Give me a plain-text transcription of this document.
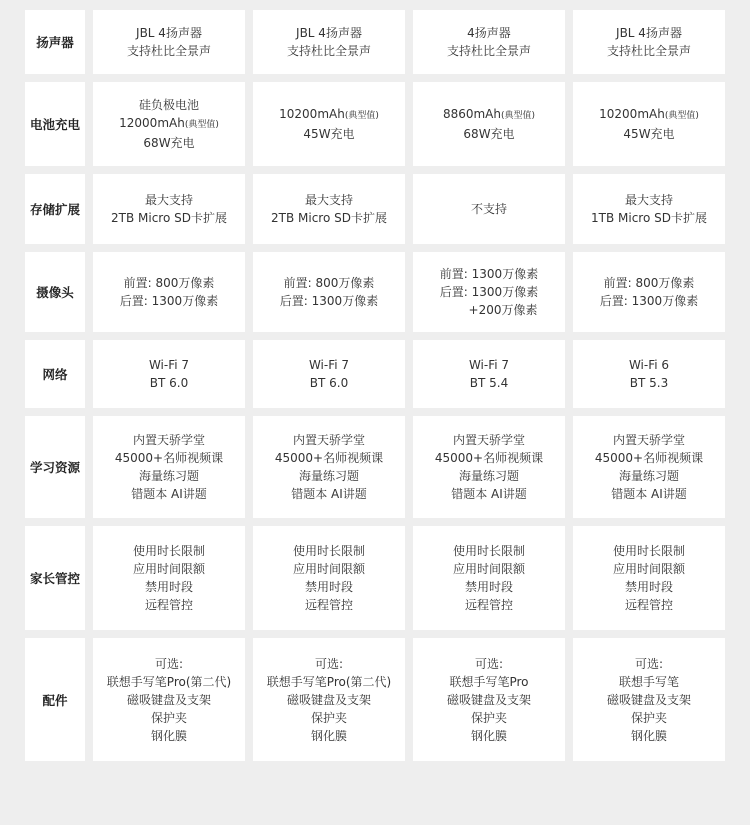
扬声器
JBL 4扬声器
支持杜比全景声
JBL 4扬声器
支持杜比全景声
4扬声器
支持杜比全景声
JBL 4扬声器
支持杜比全景声
电池充电
硅负极电池
12000mAh(典型值)
68W充电
10200mAh(典型值)
45W充电
8860mAh(典型值)
68W充电
10200mAh(典型值)
45W充电
存储扩展
最大支持
2TB Micro SD卡扩展
最大支持
2TB Micro SD卡扩展
不支持
最大支持
1TB Micro SD卡扩展
摄像头
前置: 800万像素
后置: 1300万像素
前置: 800万像素
后置: 1300万像素
前置: 1300万像素
后置: 1300万像素
+200万像素
前置: 800万像素
后置: 1300万像素
网络
Wi-Fi 7
BT 6.0
Wi-Fi 7
BT 6.0
Wi-Fi 7
BT 5.4
Wi-Fi 6
BT 5.3
学习资源
内置天骄学堂
45000+名师视频课
海量练习题
错题本 AI讲题
内置天骄学堂
45000+名师视频课
海量练习题
错题本 AI讲题
内置天骄学堂
45000+名师视频课
海量练习题
错题本 AI讲题
内置天骄学堂
45000+名师视频课
海量练习题
错题本 AI讲题
家长管控
使用时长限制
应用时间限额
禁用时段
远程管控
使用时长限制
应用时间限额
禁用时段
远程管控
使用时长限制
应用时间限额
禁用时段
远程管控
使用时长限制
应用时间限额
禁用时段
远程管控
配件
可选:
联想手写笔Pro(第二代)
磁吸键盘及支架
保护夹
钢化膜
可选:
联想手写笔Pro(第二代)
磁吸键盘及支架
保护夹
钢化膜
可选:
联想手写笔Pro
磁吸键盘及支架
保护夹
钢化膜
可选:
联想手写笔
磁吸键盘及支架
保护夹
钢化膜
